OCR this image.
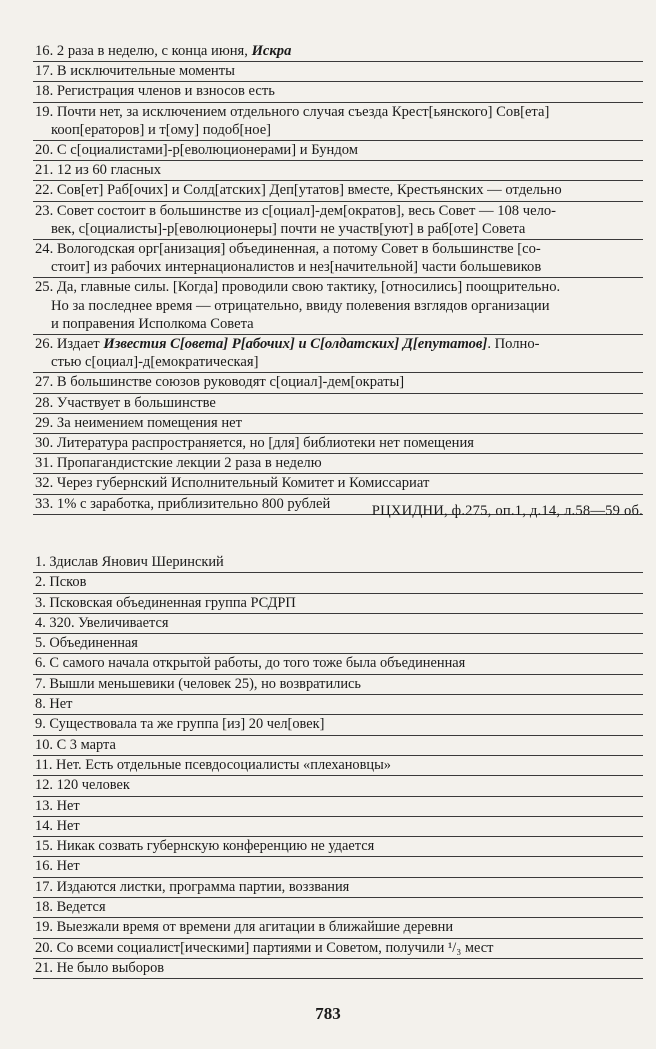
16. 2 раза в неделю, с конца июня, Искра
17. В исключительные моменты
18. Регистрация членов и взносов есть
19. Почти нет, за исключением отдельного случая съезда Крест[ьянского] Сов[ета]
кооп[ераторов] и т[ому] подоб[ное]
20. С с[оциалистами]-р[еволюционерами] и Бундом
21. 12 из 60 гласных
22. Сов[ет] Раб[очих] и Солд[атских] Деп[утатов] вместе, Крестьянских — отдельно
23. Совет состоит в большинстве из с[оциал]-дем[ократов], весь Совет — 108 чело-
век, с[оциалисты]-р[еволюционеры] почти не участв[уют] в раб[оте] Совета
24. Вологодская орг[анизация] объединенная, а потому Совет в большинстве [со-
стоит] из рабочих интернационалистов и нез[начительной] части большевиков
25. Да, главные силы. [Когда] проводили свою тактику, [относились] поощрительно.
Но за последнее время — отрицательно, ввиду полевения взглядов организации
и поправения Исполкома Совета
26. Издает Известия С[овета] Р[абочих] и С[олдатских] Д[епутатов]. Полно-
стью с[оциал]-д[емократическая]
27. В большинстве союзов руководят с[оциал]-дем[ократы]
28. Участвует в большинстве
29. За неимением помещения нет
30. Литература распространяется, но [для] библиотеки нет помещения
31. Пропагандистские лекции 2 раза в неделю
32. Через губернский Исполнительный Комитет и Комиссариат
33. 1% с заработка, приблизительно 800 рублей	РЦХИДНИ, ф.275, оп.1, д.14, л.58—59 об.
1. Здислав Янович Шеринский
2. Псков
3. Псковская объединенная группа РСДРП
4. 320. Увеличивается
5. Объединенная
6. С самого начала открытой работы, до того тоже была объединенная
7. Вышли меньшевики (человек 25), но возвратились
8. Нет
9. Существовала та же группа [из] 20 чел[овек]
10. С 3 марта
11. Нет. Есть отдельные псевдосоциалисты «плехановцы»
12. 120 человек
13. Нет
14. Нет
15. Никак созвать губернскую конференцию не удается
16. Нет
17. Издаются листки, программа партии, воззвания
18. Ведется
19. Выезжали время от времени для агитации в ближайшие деревни
20. Со всеми социалист[ическими] партиями и Советом, получили ¹/₃ мест
21. Не было выборов
783
